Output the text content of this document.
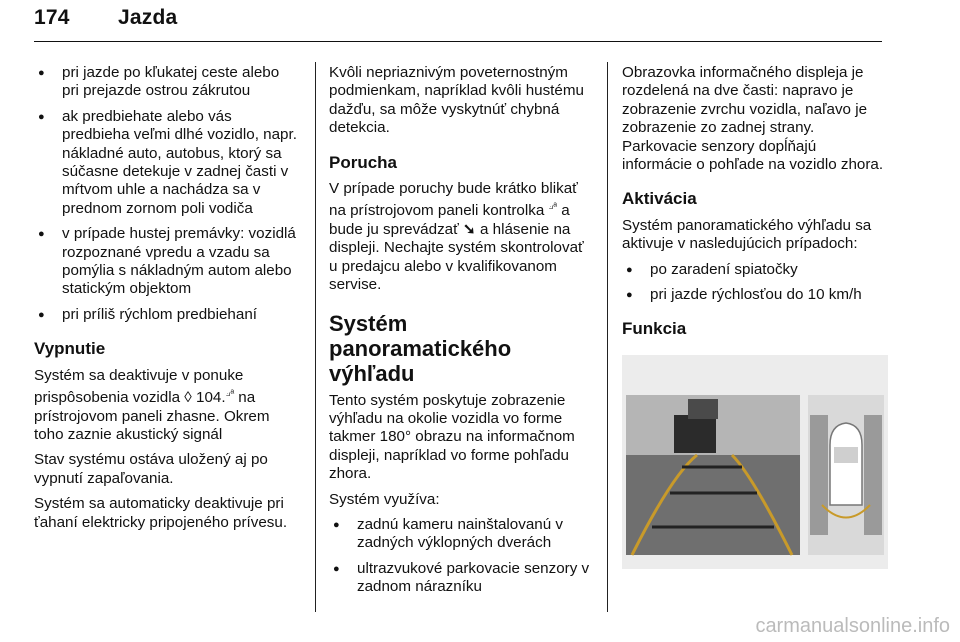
174 Jazda
● pri jazde po kľukatej ceste alebo pri prejazde ostrou zákrutou
● ak predbiehate alebo vás predbieha veľmi dlhé vozidlo, napr. nákladné auto, autobus, ktorý sa súčasne detekuje v zadnej časti v mŕtvom uhle a nachádza sa v prednom zornom poli vodiča
● v prípade hustej premávky: vozidlá rozpoznané vpredu a vzadu sa pomýlia s nákladným autom alebo statickým objektom
● pri príliš rýchlom predbiehaní
Vypnutie

Systém sa deaktivuje v ponuke prispôsobenia vozidla ◊ 104.$^{⟓ᵃ}$ na prístrojovom paneli zhasne. Okrem toho zaznie akustický signál

Stav systému ostáva uložený aj po vypnutí zapaľovania.

Systém sa automaticky deaktivuje pri ťahaní elektricky pripojeného prívesu.

Kvôli nepriaznivým poveternostným podmienkam, napríklad kvôli hustému dažďu, sa môže vyskytnúť chybná detekcia.

Porucha

V prípade poruchy bude krátko blikať na prístrojovom paneli kontrolka $^{⟓ᵃ}$ a bude ju sprevádzať ➘ a hlásenie na displeji. Nechajte systém skontrolovať u predajcu alebo v kvalifikovanom servise.

Systém panoramatického výhľadu

Tento systém poskytuje zobrazenie výhľadu na okolie vozidla vo forme takmer 180° obrazu na informačnom displeji, napríklad vo forme pohľadu zhora.

Systém využíva:

● zadnú kameru nainštalovanú v zadných výklopných dverách
● ultrazvukové parkovacie senzory v zadnom nárazníku

Obrazovka informačného displeja je rozdelená na dve časti: napravo je zobrazenie zvrchu vozidla, naľavo je zobrazenie zo zadnej strany. Parkovacie senzory dopĺňajú informácie o pohľade na vozidlo zhora.

Aktivácia

Systém panoramatického výhľadu sa aktivuje v nasledujúcich prípadoch:

● po zaradení spiatočky
● pri jazde rýchlosťou do 10 km/h
Funkcia
carmanualsonline.info
